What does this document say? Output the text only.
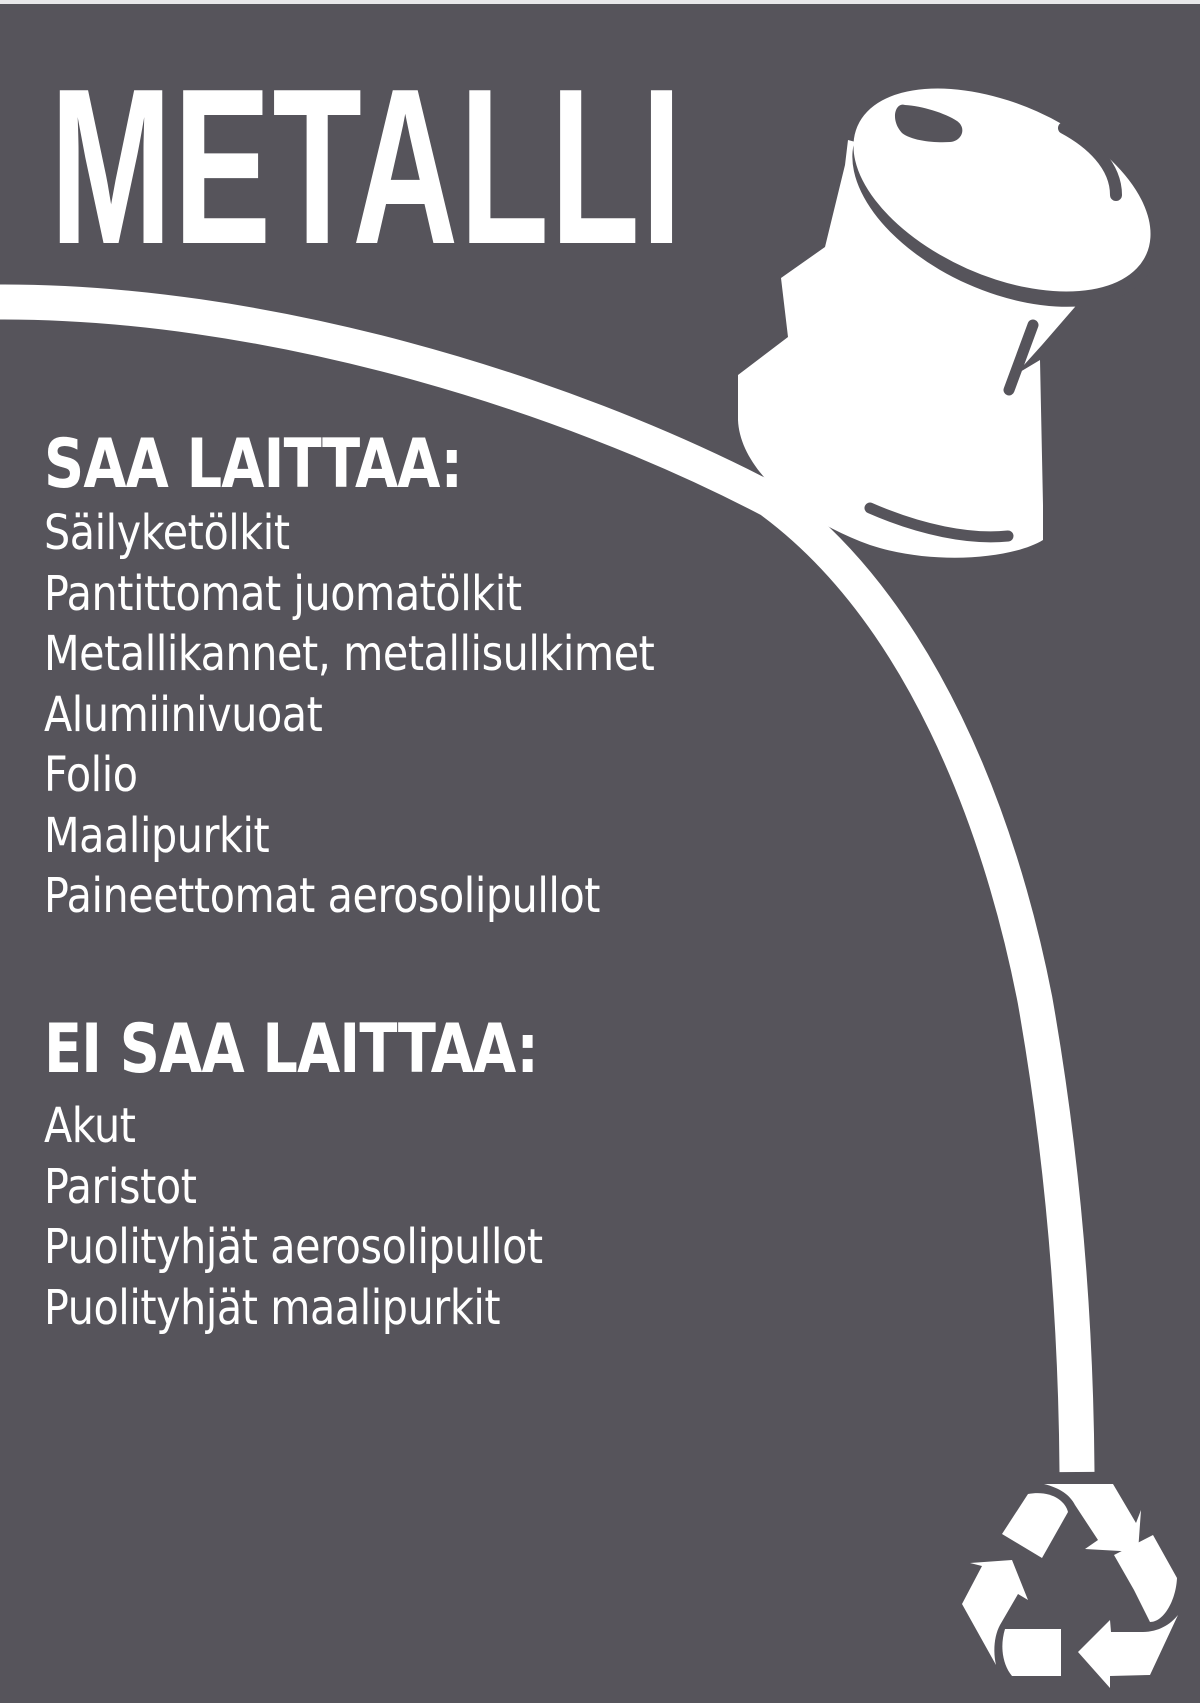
METALLI
SAA LAITTAA:
Säilyketölkit
Pantittomat juomatölkit
Metallikannet, metallisulkimet
Alumiinivuoat
Folio
Maalipurkit
Paineettomat aerosolipullot
EI SAA LAITTAA:
Akut
Paristot
Puolityhjät aerosolipullot
Puolityhjät maalipurkit
